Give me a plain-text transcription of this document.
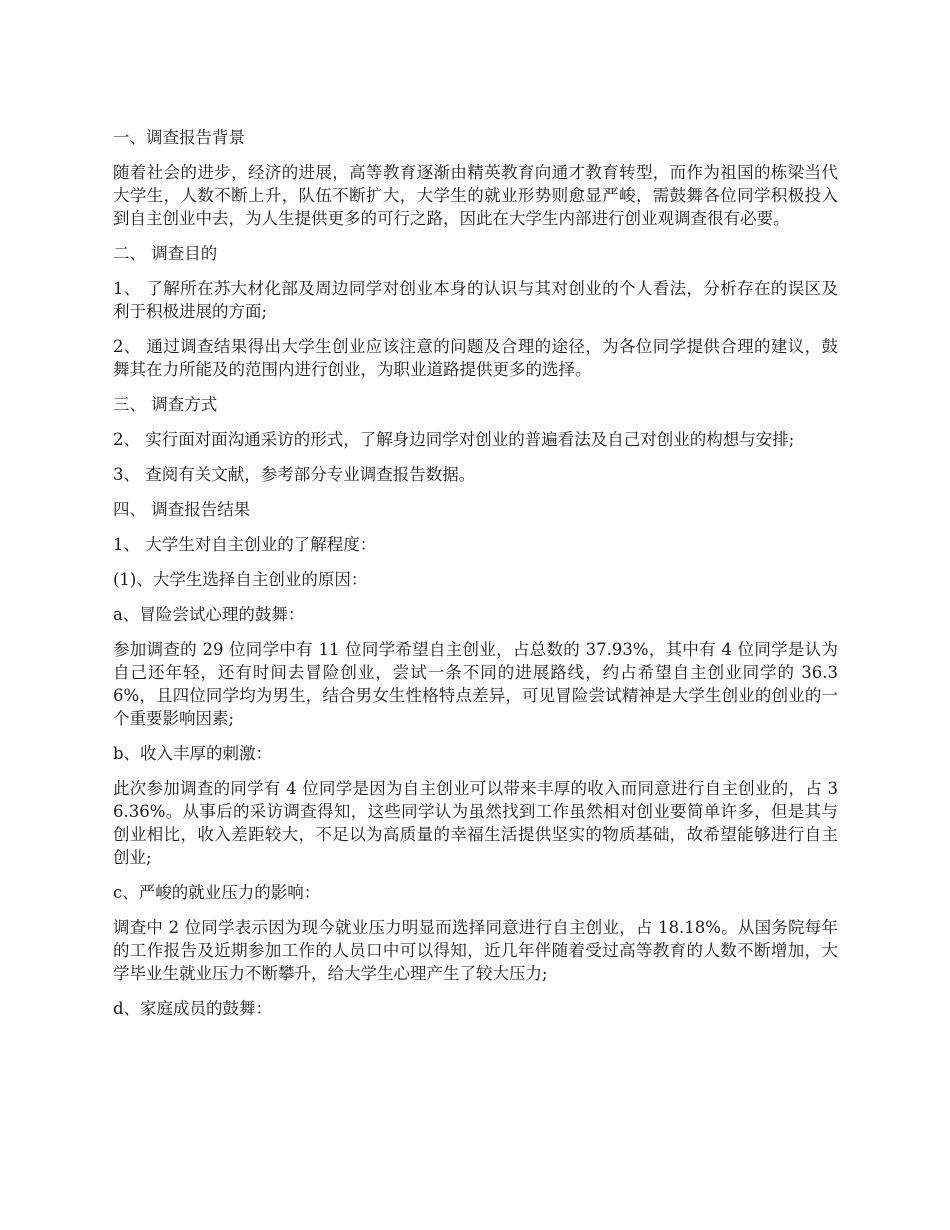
一、调查报告背景

随着社会的进步，经济的进展，高等教育逐渐由精英教育向通才教育转型，而作为祖国的栋梁当代大学生，人数不断上升，队伍不断扩大，大学生的就业形势则愈显严峻，需鼓舞各位同学积极投入到自主创业中去，为人生提供更多的可行之路，因此在大学生内部进行创业观调查很有必要。

二、 调查目的

1、 了解所在苏大材化部及周边同学对创业本身的认识与其对创业的个人看法，分析存在的误区及利于积极进展的方面;

2、 通过调查结果得出大学生创业应该注意的问题及合理的途径，为各位同学提供合理的建议，鼓舞其在力所能及的范围内进行创业，为职业道路提供更多的选择。

三、 调查方式

2、 实行面对面沟通采访的形式，了解身边同学对创业的普遍看法及自己对创业的构想与安排;

3、 查阅有关文献，参考部分专业调查报告数据。

四、 调查报告结果

1、 大学生对自主创业的了解程度：

(1)、大学生选择自主创业的原因：

a、冒险尝试心理的鼓舞：

参加调查的 29 位同学中有 11 位同学希望自主创业，占总数的 37.93%，其中有 4 位同学是认为自己还年轻，还有时间去冒险创业，尝试一条不同的进展路线，约占希望自主创业同学的 36.36%，且四位同学均为男生，结合男女生性格特点差异，可见冒险尝试精神是大学生创业的创业的一个重要影响因素;

b、收入丰厚的刺激：

此次参加调查的同学有 4 位同学是因为自主创业可以带来丰厚的收入而同意进行自主创业的，占 36.36%。从事后的采访调查得知，这些同学认为虽然找到工作虽然相对创业要简单许多，但是其与创业相比，收入差距较大，不足以为高质量的幸福生活提供坚实的物质基础，故希望能够进行自主创业;

c、严峻的就业压力的影响：

调查中 2 位同学表示因为现今就业压力明显而选择同意进行自主创业，占 18.18%。从国务院每年的工作报告及近期参加工作的人员口中可以得知，近几年伴随着受过高等教育的人数不断增加，大学毕业生就业压力不断攀升，给大学生心理产生了较大压力;

d、家庭成员的鼓舞：
